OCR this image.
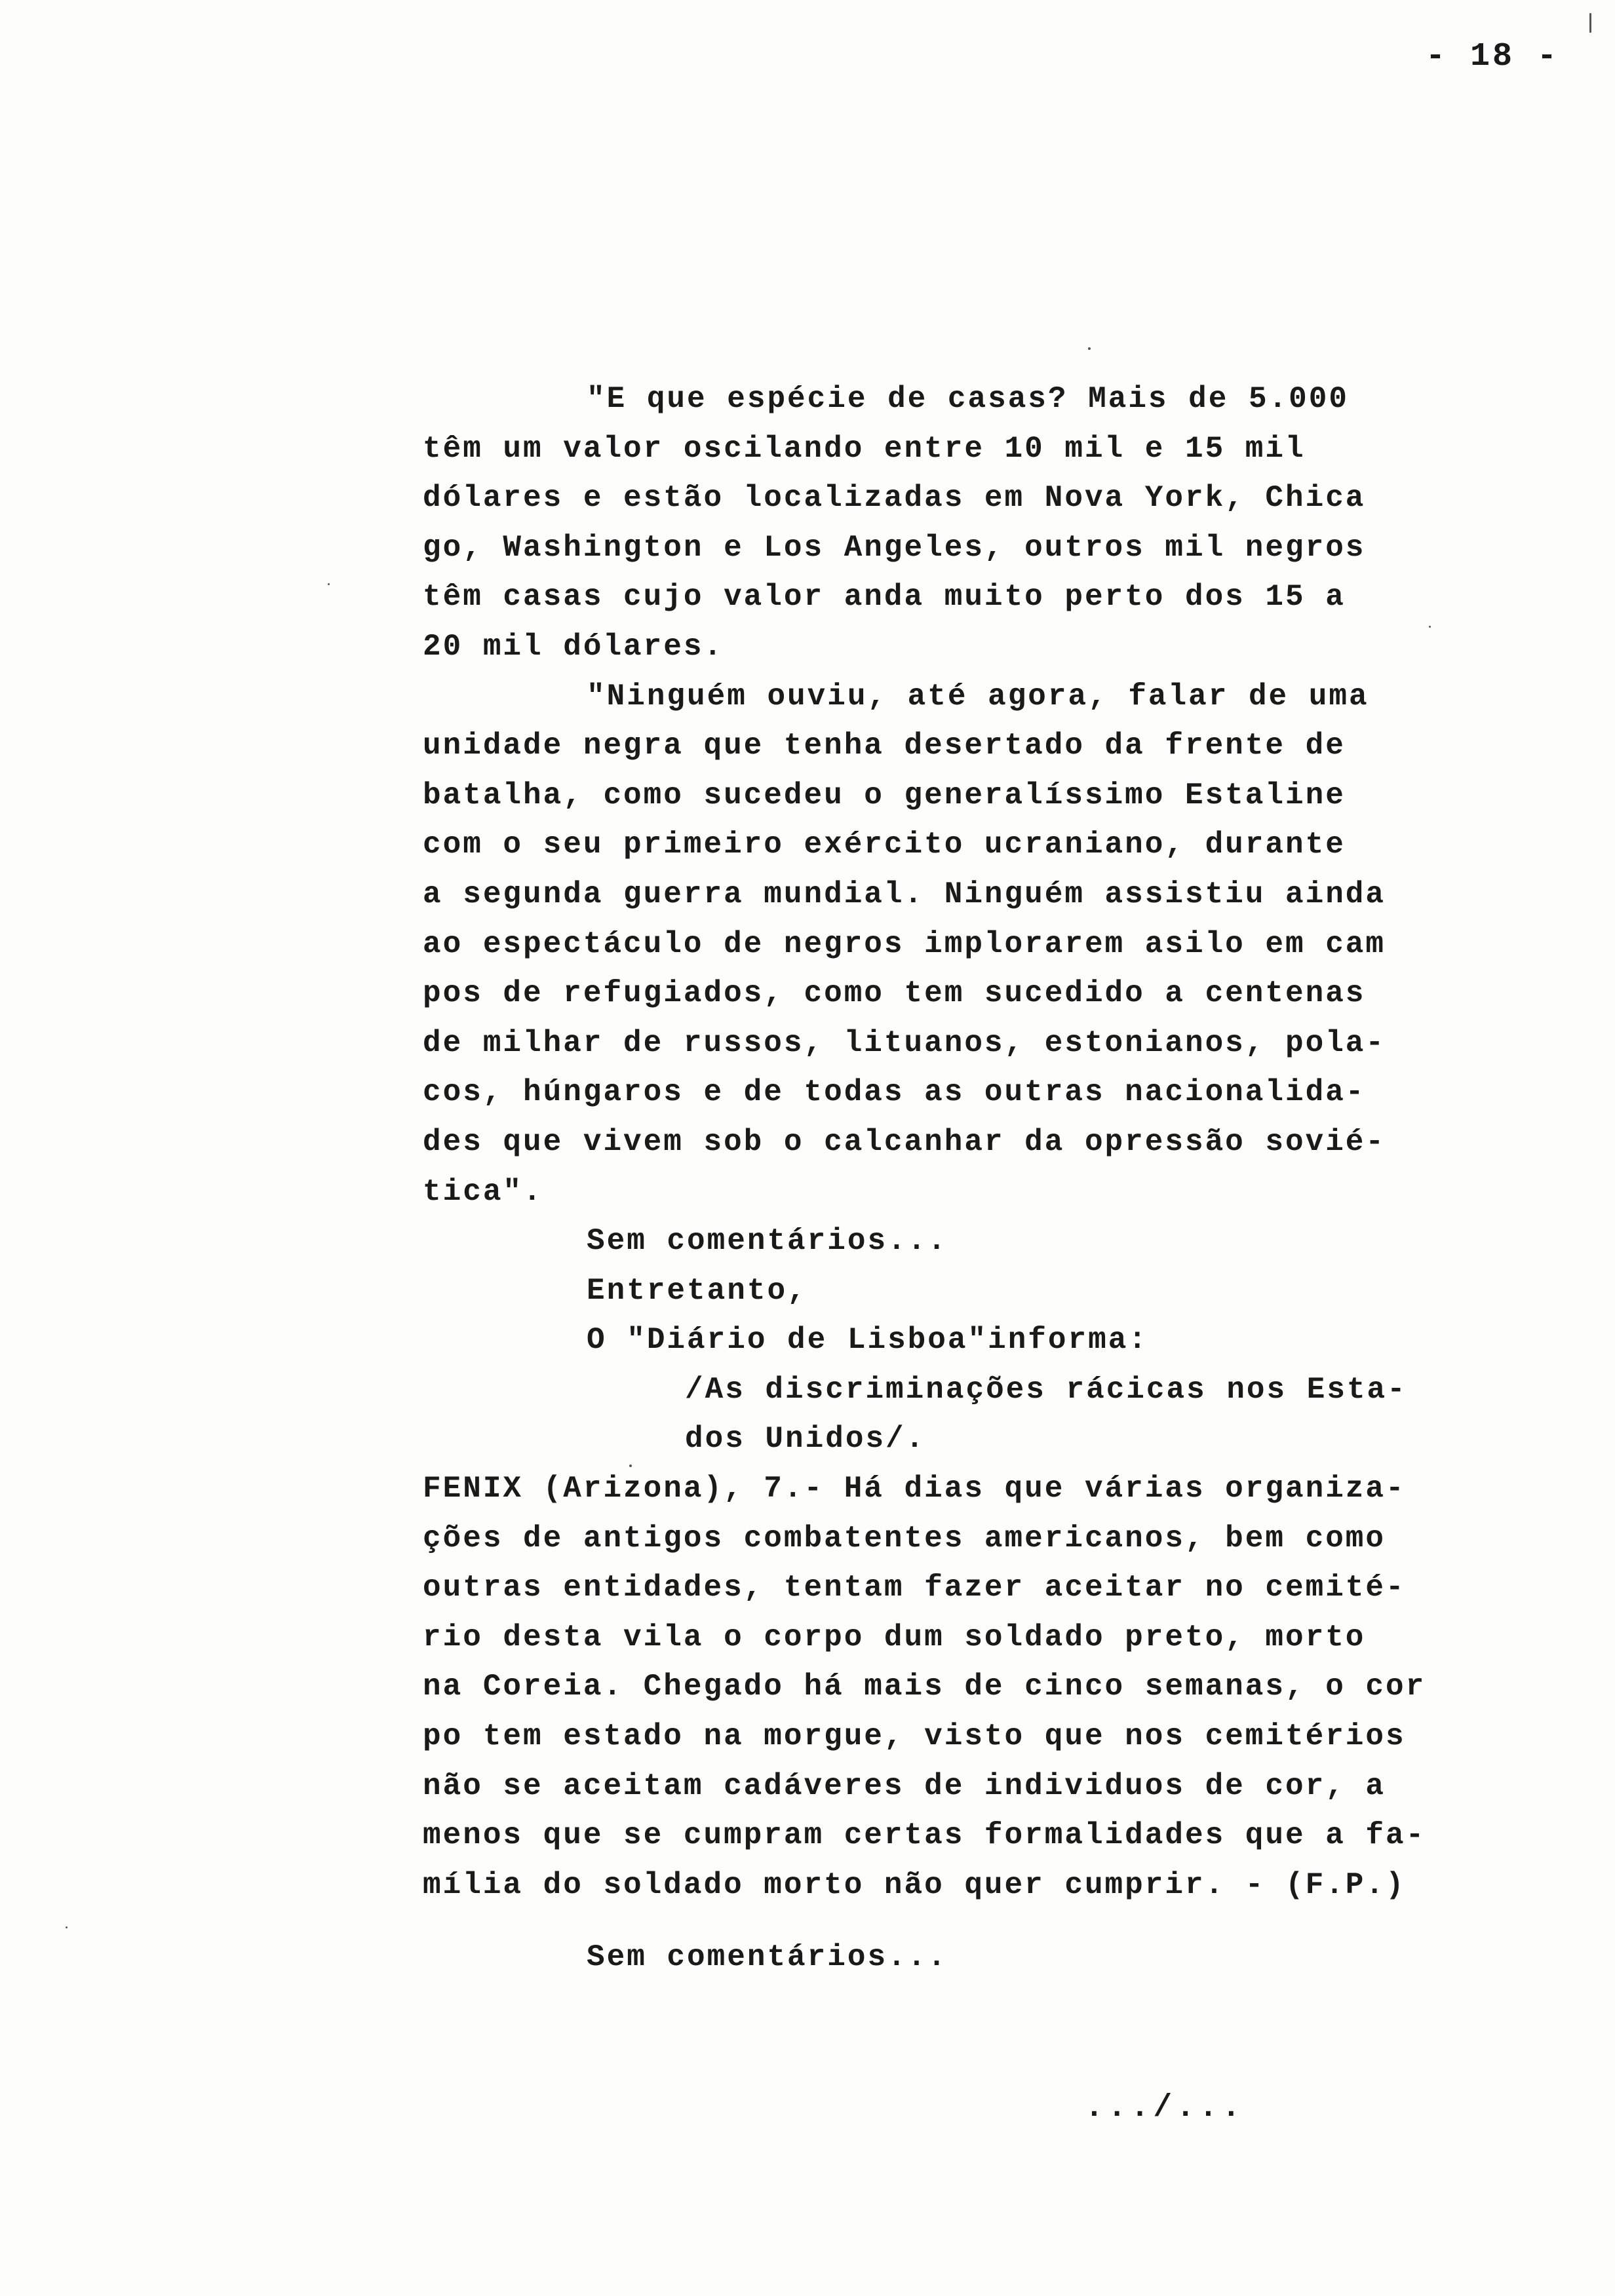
- 18 -
"E que espécie de casas? Mais de 5.000
têm um valor oscilando entre 10 mil e 15 mil
dólares e estão localizadas em Nova York, Chica
go, Washington e Los Angeles, outros mil negros
têm casas cujo valor anda muito perto dos 15 a
20 mil dólares.
"Ninguém ouviu, até agora, falar de uma
unidade negra que tenha desertado da frente de
batalha, como sucedeu o generalíssimo Estaline
com o seu primeiro exército ucraniano, durante
a segunda guerra mundial. Ninguém assistiu ainda
ao espectáculo de negros implorarem asilo em cam
pos de refugiados, como tem sucedido a centenas
de milhar de russos, lituanos, estonianos, pola-
cos, húngaros e de todas as outras nacionalida-
des que vivem sob o calcanhar da opressão sovié-
tica".
Sem comentários...
Entretanto,
O "Diário de Lisboa"informa:
/As discriminações rácicas nos Esta-
dos Unidos/.
FENIX (Arizona), 7.- Há dias que várias organiza-
ções de antigos combatentes americanos, bem como
outras entidades, tentam fazer aceitar no cemité-
rio desta vila o corpo dum soldado preto, morto
na Coreia. Chegado há mais de cinco semanas, o cor
po tem estado na morgue, visto que nos cemitérios
não se aceitam cadáveres de individuos de cor, a
menos que se cumpram certas formalidades que a fa-
mília do soldado morto não quer cumprir. - (F.P.)
Sem comentários...
.../...
